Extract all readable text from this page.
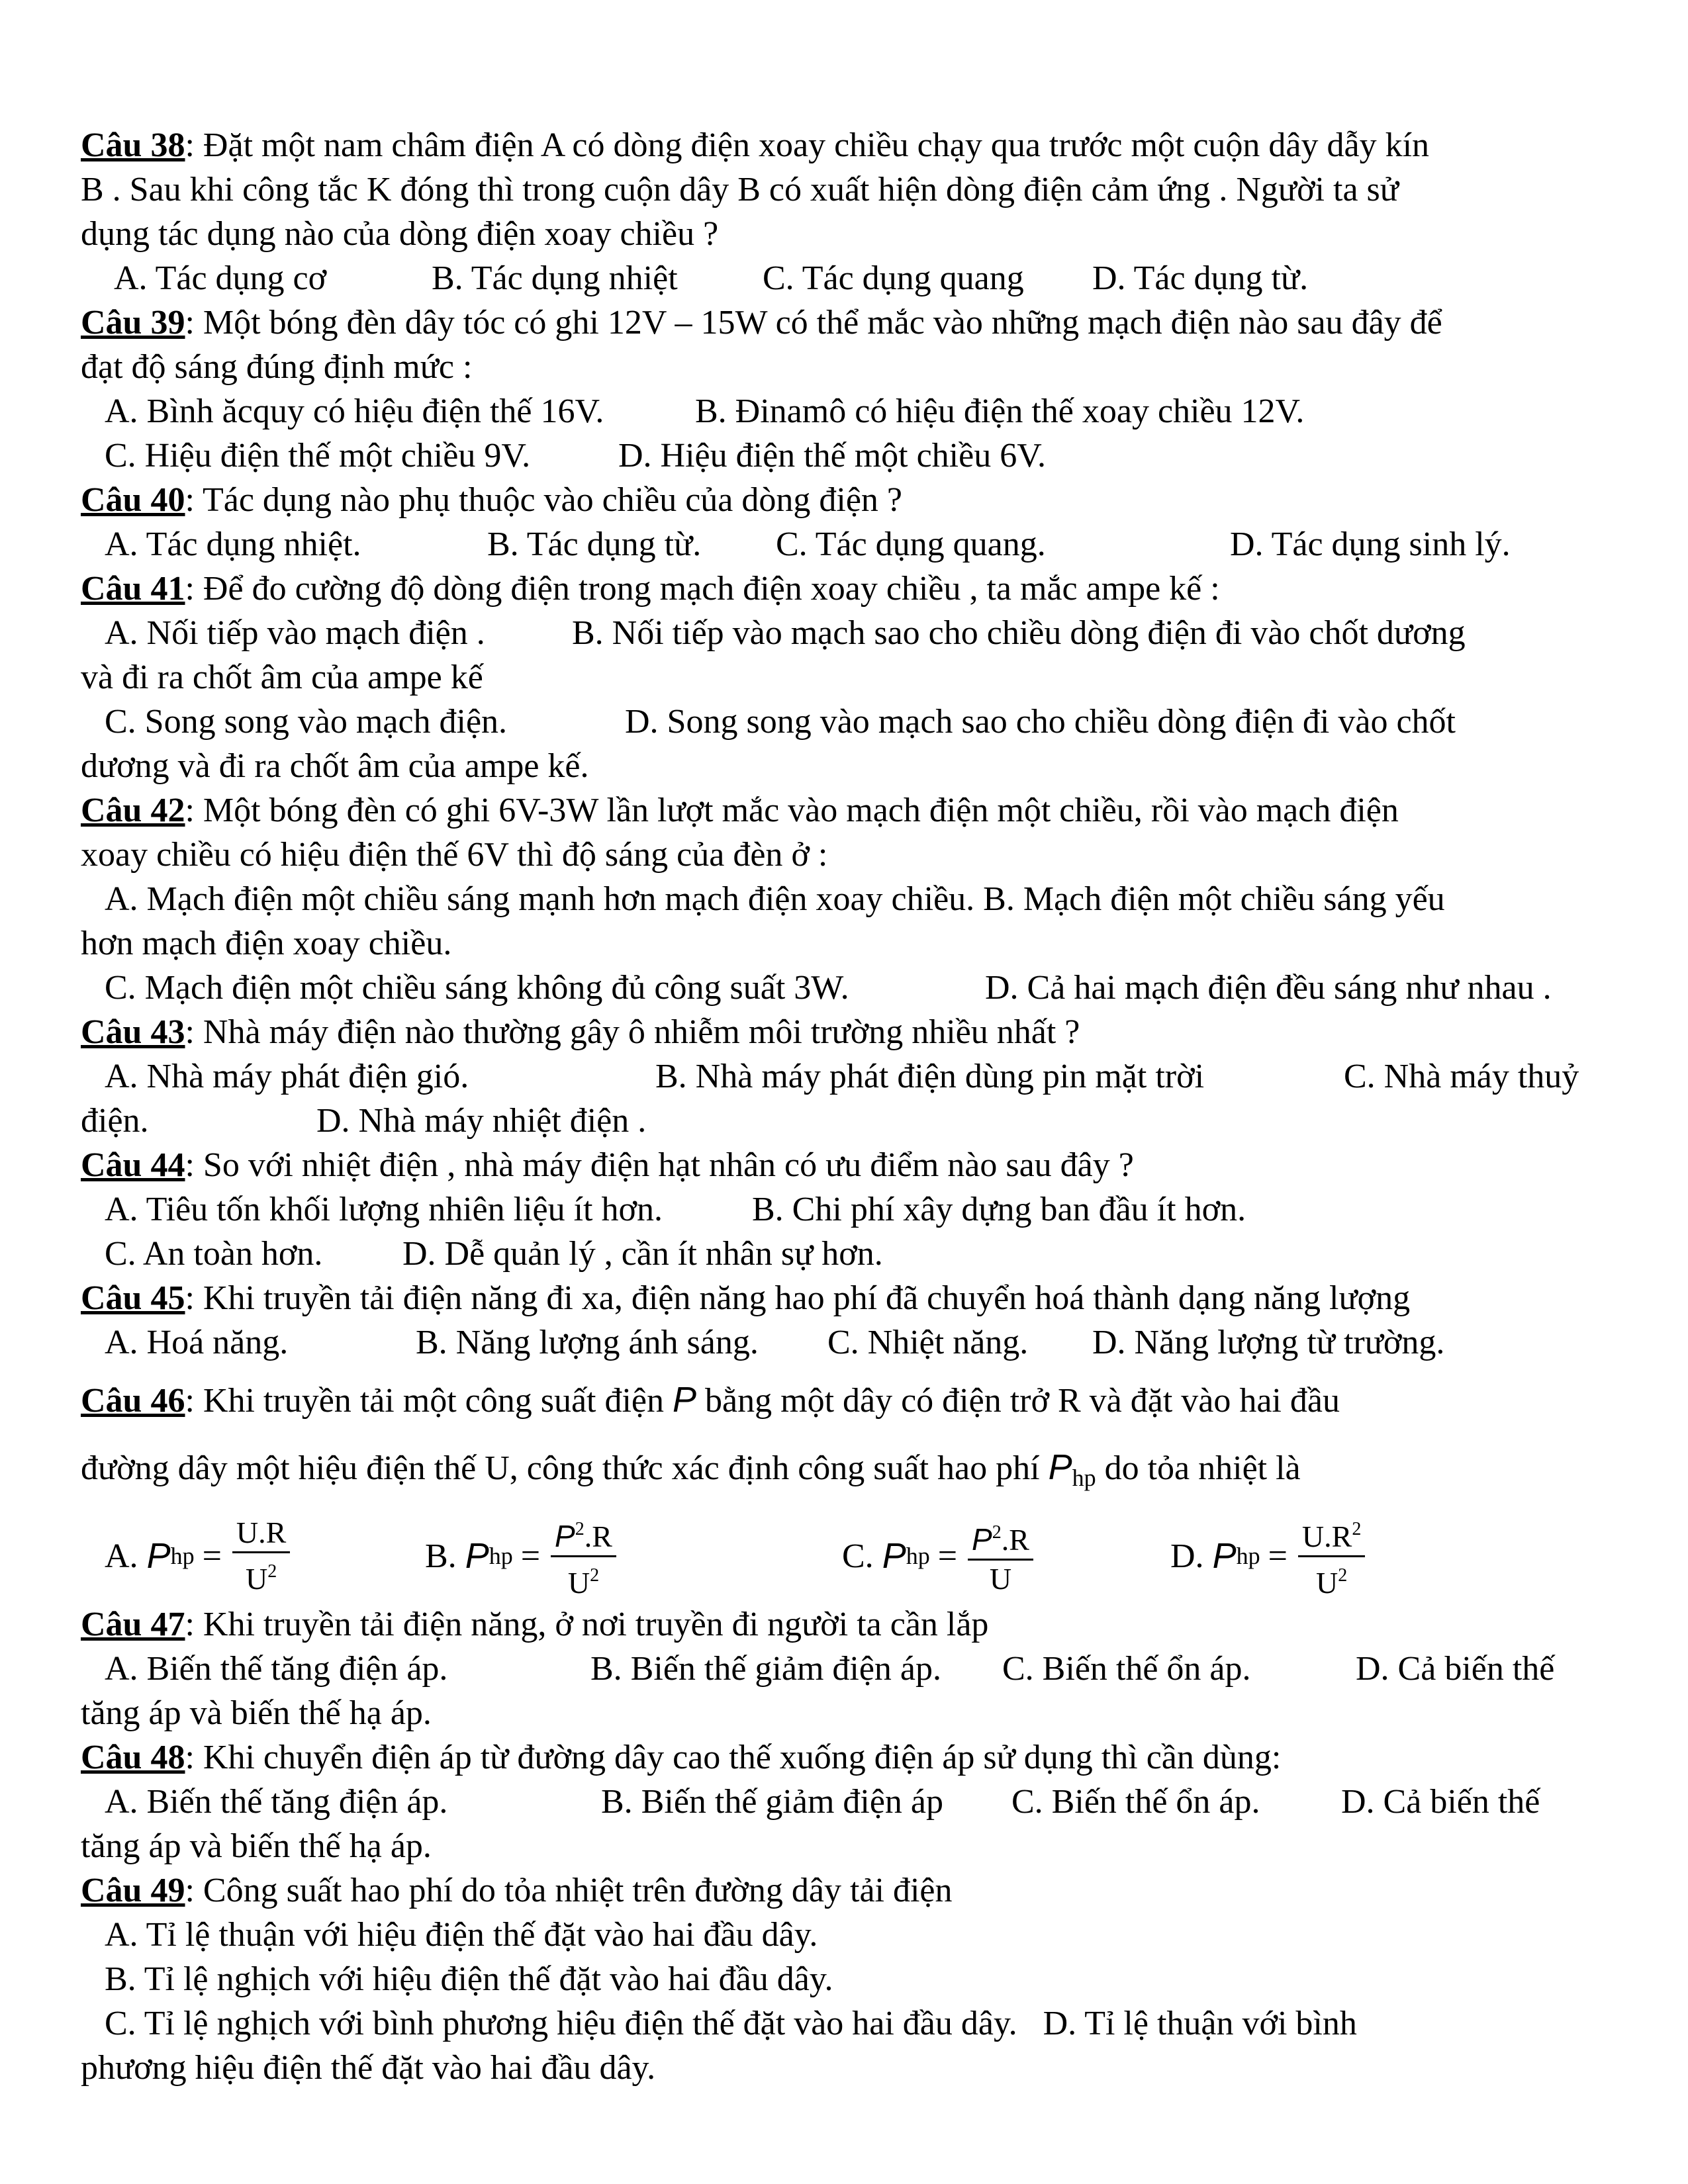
Câu 38: Đặt một nam châm điện A có dòng điện xoay chiều chạy qua trước một cuộn dây dẫy kín
B . Sau khi công tắc K đóng thì trong cuộn dây B có xuất hiện dòng điện cảm ứng . Người ta sử
dụng tác dụng nào của dòng điện xoay chiều ?
A. Tác dụng cơ	B. Tác dụng nhiệt C. Tác dụng quang D. Tác dụng từ.
Câu 39: Một bóng đèn dây tóc có ghi 12V – 15W có thể mắc vào những mạch điện nào sau đây để
đạt độ sáng đúng định mức :
A. Bình ăcquy có hiệu điện thế 16V.	B. Đinamô có hiệu điện thế xoay chiều 12V.
C. Hiệu điện thế một chiều 9V.	D. Hiệu điện thế một chiều 6V.
Câu 40: Tác dụng nào phụ thuộc vào chiều của dòng điện ?
A. Tác dụng nhiệt.	B. Tác dụng từ. C. Tác dụng quang.	D. Tác dụng sinh lý.
Câu 41: Để đo cường độ dòng điện trong mạch điện xoay chiều , ta mắc ampe kế :
A. Nối tiếp vào mạch điện .	B. Nối tiếp vào mạch sao cho chiều dòng điện đi vào chốt dương
và đi ra chốt âm của ampe kế
C. Song song vào mạch điện.	D. Song song vào mạch sao cho chiều dòng điện đi vào chốt
dương và đi ra chốt âm của ampe kế.
Câu 42: Một bóng đèn có ghi 6V-3W lần lượt mắc vào mạch điện một chiều, rồi vào mạch điện
xoay chiều có hiệu điện thế 6V thì độ sáng của đèn ở :
A. Mạch điện một chiều sáng mạnh hơn mạch điện xoay chiều. B. Mạch điện một chiều sáng yếu
hơn mạch điện xoay chiều.
C. Mạch điện một chiều sáng không đủ công suất 3W.	D. Cả hai mạch điện đều sáng như nhau .
Câu 43: Nhà máy điện nào thường gây ô nhiễm môi trường nhiều nhất ?
A. Nhà máy phát điện gió.	B. Nhà máy phát điện dùng pin mặt trời	C. Nhà máy thuỷ
điện.	D. Nhà máy nhiệt điện .
Câu 44: So với nhiệt điện , nhà máy điện hạt nhân có ưu điểm nào sau đây ?
A. Tiêu tốn khối lượng nhiên liệu ít hơn.	B. Chi phí xây dựng ban đầu ít hơn.
C. An toàn hơn. D. Dễ quản lý , cần ít nhân sự hơn.
Câu 45: Khi truyền tải điện năng đi xa, điện năng hao phí đã chuyển hoá thành dạng năng lượng
A. Hoá năng.	B. Năng lượng ánh sáng. C. Nhiệt năng. D. Năng lượng từ trường.
Câu 46: Khi truyền tải một công suất điện P bằng một dây có điện trở R và đặt vào hai đầu
đường dây một hiệu điện thế U, công thức xác định công suất hao phí $P_{hp}$ do tỏa nhiệt là
A.
P hp = $\frac{U.R}{U^2}$	B.
P hp = $\frac{P^2.R}{U^2}$	C.
P hp = $\frac{P^2.R}{U}$	D.
P hp = $\frac{U.R^2}{U^2}$
Câu 47: Khi truyền tải điện năng, ở nơi truyền đi người ta cần lắp
A. Biến thế tăng điện áp.	B. Biến thế giảm điện áp. C. Biến thế ổn áp.	D. Cả biến thế
tăng áp và biến thế hạ áp.
Câu 48: Khi chuyển điện áp từ đường dây cao thế xuống điện áp sử dụng thì cần dùng:
A. Biến thế tăng điện áp.	B. Biến thế giảm điện áp C. Biến thế ổn áp. D. Cả biến thế
tăng áp và biến thế hạ áp.
Câu 49: Công suất hao phí do tỏa nhiệt trên đường dây tải điện
A. Tỉ lệ thuận với hiệu điện thế đặt vào hai đầu dây.
B. Tỉ lệ nghịch với hiệu điện thế đặt vào hai đầu dây.
C. Tỉ lệ nghịch với bình phương hiệu điện thế đặt vào hai đầu dây. D. Tỉ lệ thuận với bình
phương hiệu điện thế đặt vào hai đầu dây.
